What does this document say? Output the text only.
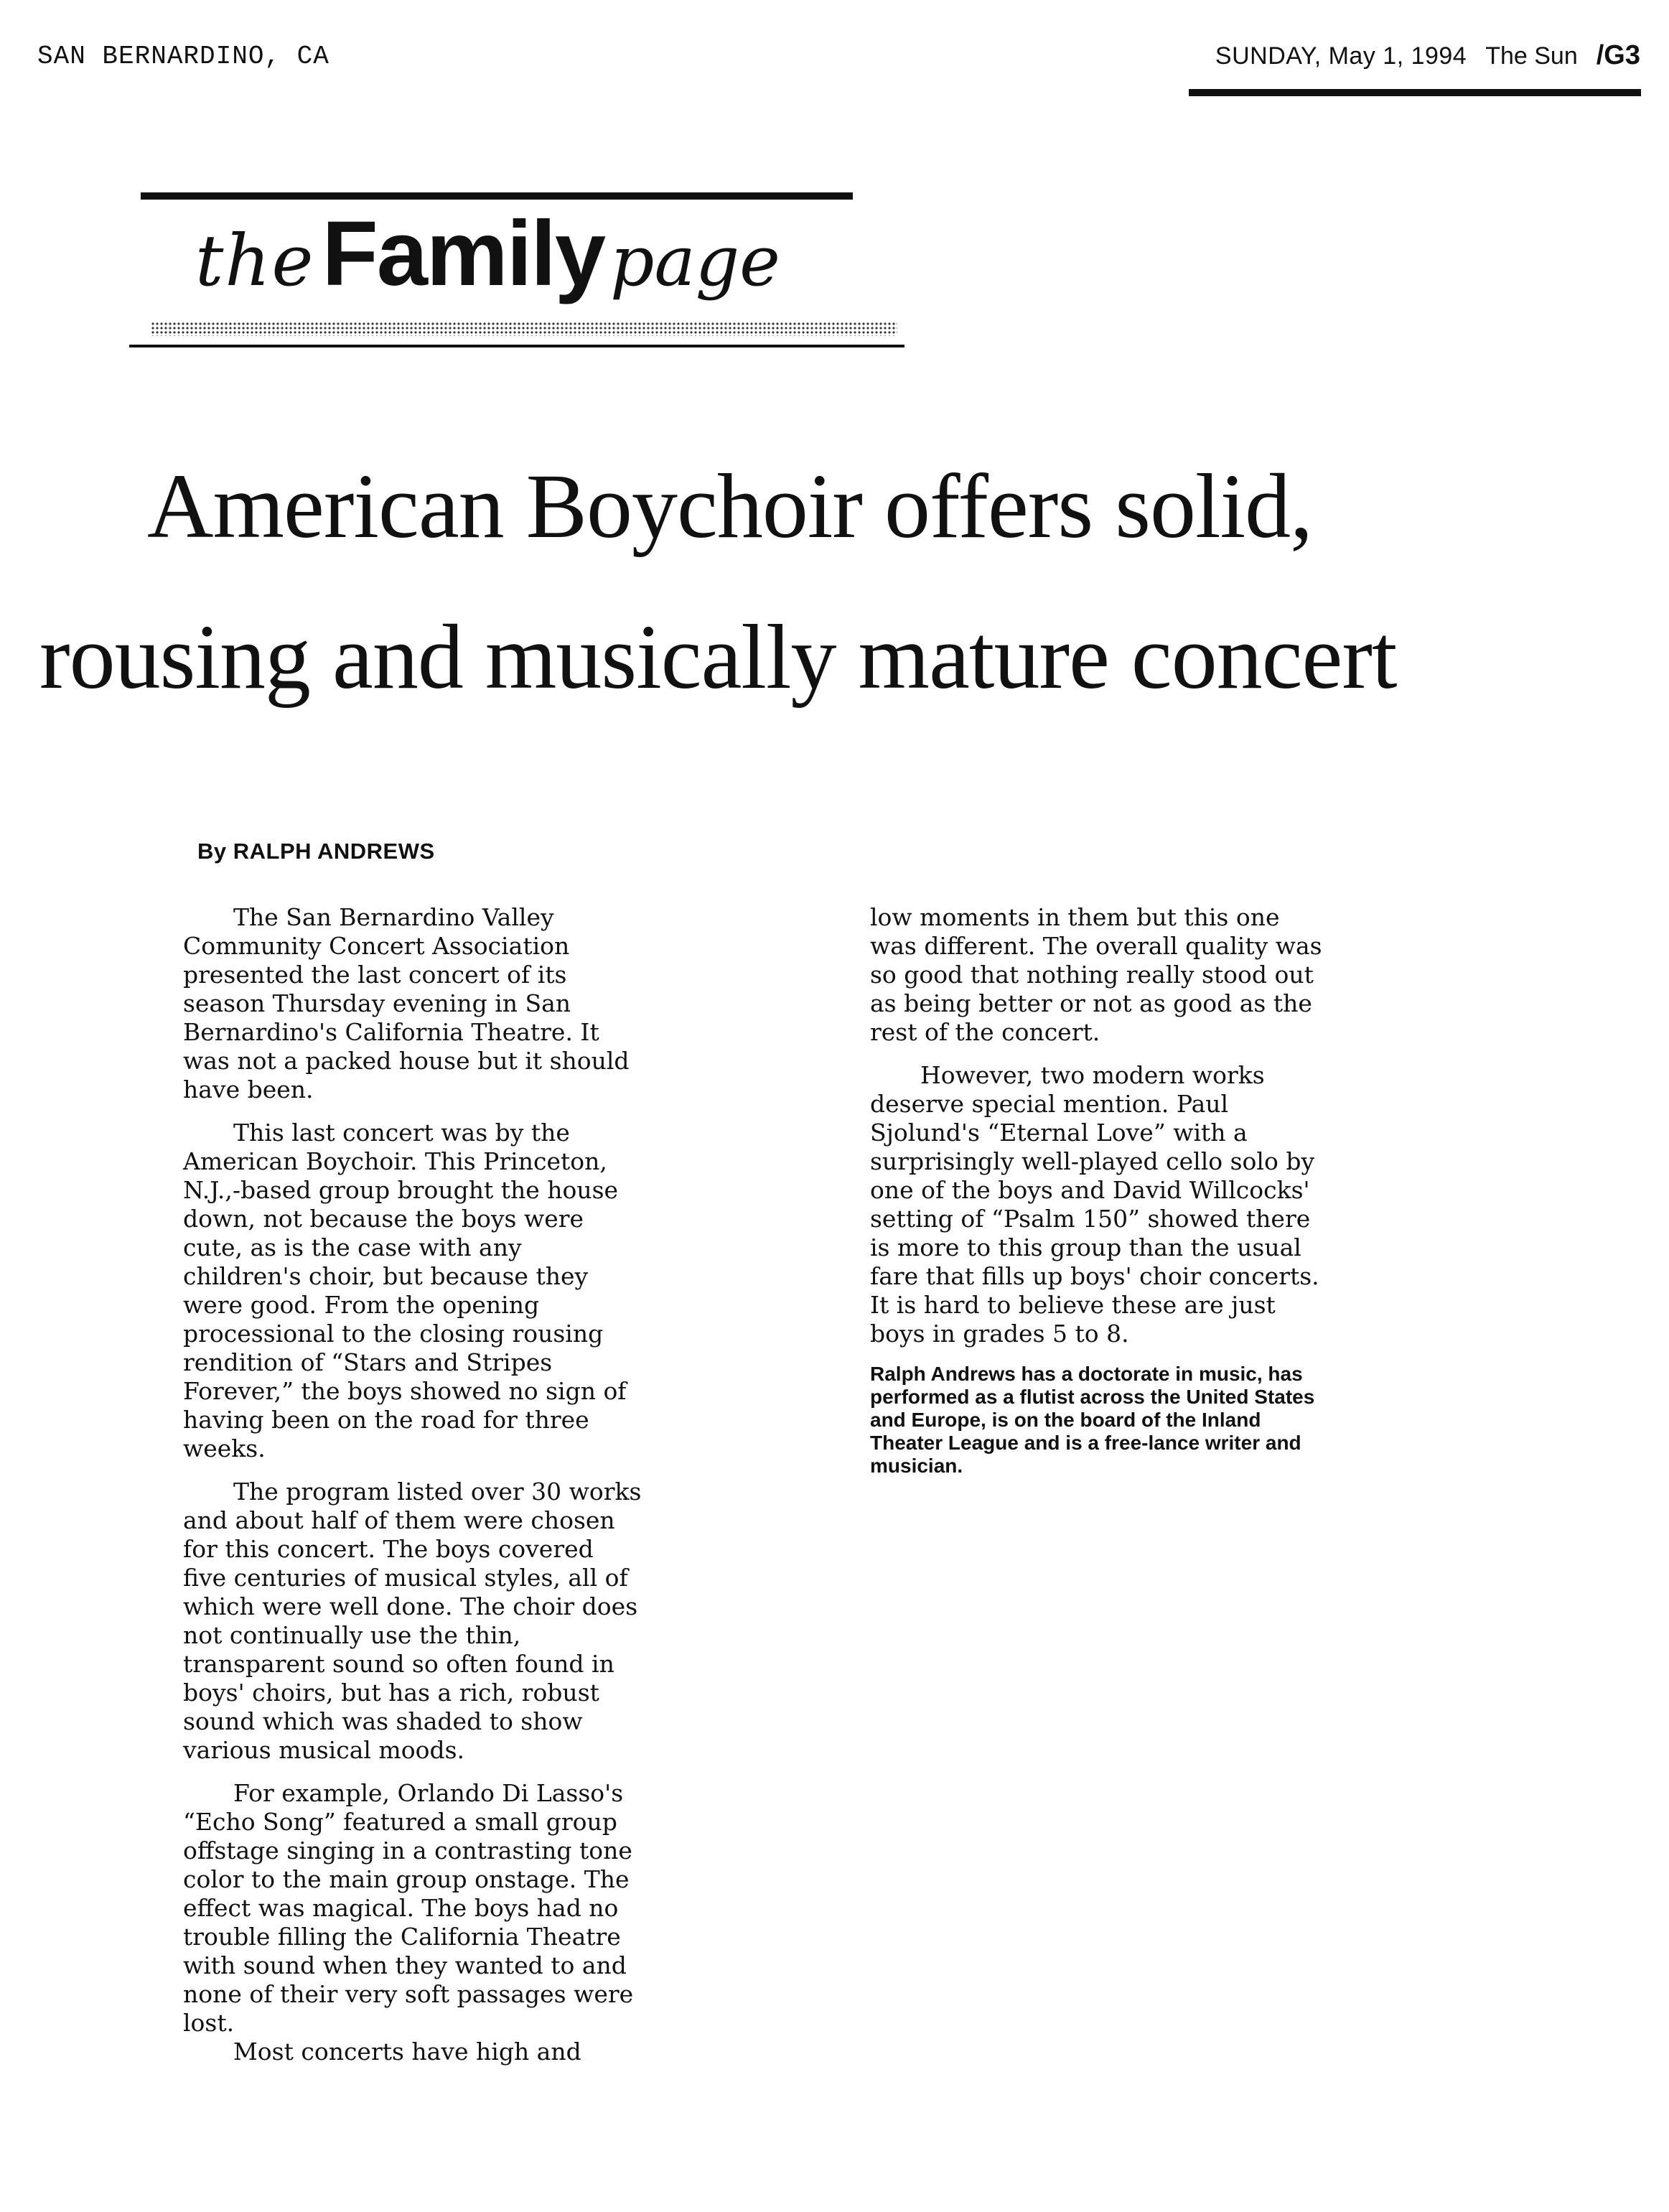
SAN BERNARDINO, CA	SUNDAY, May 1, 1994 The Sun /G3
the Family page
American Boychoir offers solid,
rousing and musically mature concert
By RALPH ANDREWS

The San Bernardino Valley Community Concert Association presented the last concert of its season Thursday evening in San Bernardino's California Theatre. It was not a packed house but it should have been.

This last concert was by the American Boychoir. This Princeton, N.J.,-based group brought the house down, not because the boys were cute, as is the case with any children's choir, but because they were good. From the opening processional to the closing rousing rendition of “Stars and Stripes Forever,” the boys showed no sign of having been on the road for three weeks.

The program listed over 30 works and about half of them were chosen for this concert. The boys covered five centuries of musical styles, all of which were well done. The choir does not continually use the thin, transparent sound so often found in boys' choirs, but has a rich, robust sound which was shaded to show various musical moods.

For example, Orlando Di Lasso's “Echo Song” featured a small group offstage singing in a contrasting tone color to the main group onstage. The effect was magical. The boys had no trouble filling the California Theatre with sound when they wanted to and none of their very soft passages were lost.

Most concerts have high and

low moments in them but this one was different. The overall quality was so good that nothing really stood out as being better or not as good as the rest of the concert.

However, two modern works deserve special mention. Paul Sjolund's “Eternal Love” with a surprisingly well-played cello solo by one of the boys and David Willcocks' setting of “Psalm 150” showed there is more to this group than the usual fare that fills up boys' choir concerts. It is hard to believe these are just boys in grades 5 to 8.

Ralph Andrews has a doctorate in music, has performed as a flutist across the United States and Europe, is on the board of the Inland Theater League and is a free-lance writer and musician.
